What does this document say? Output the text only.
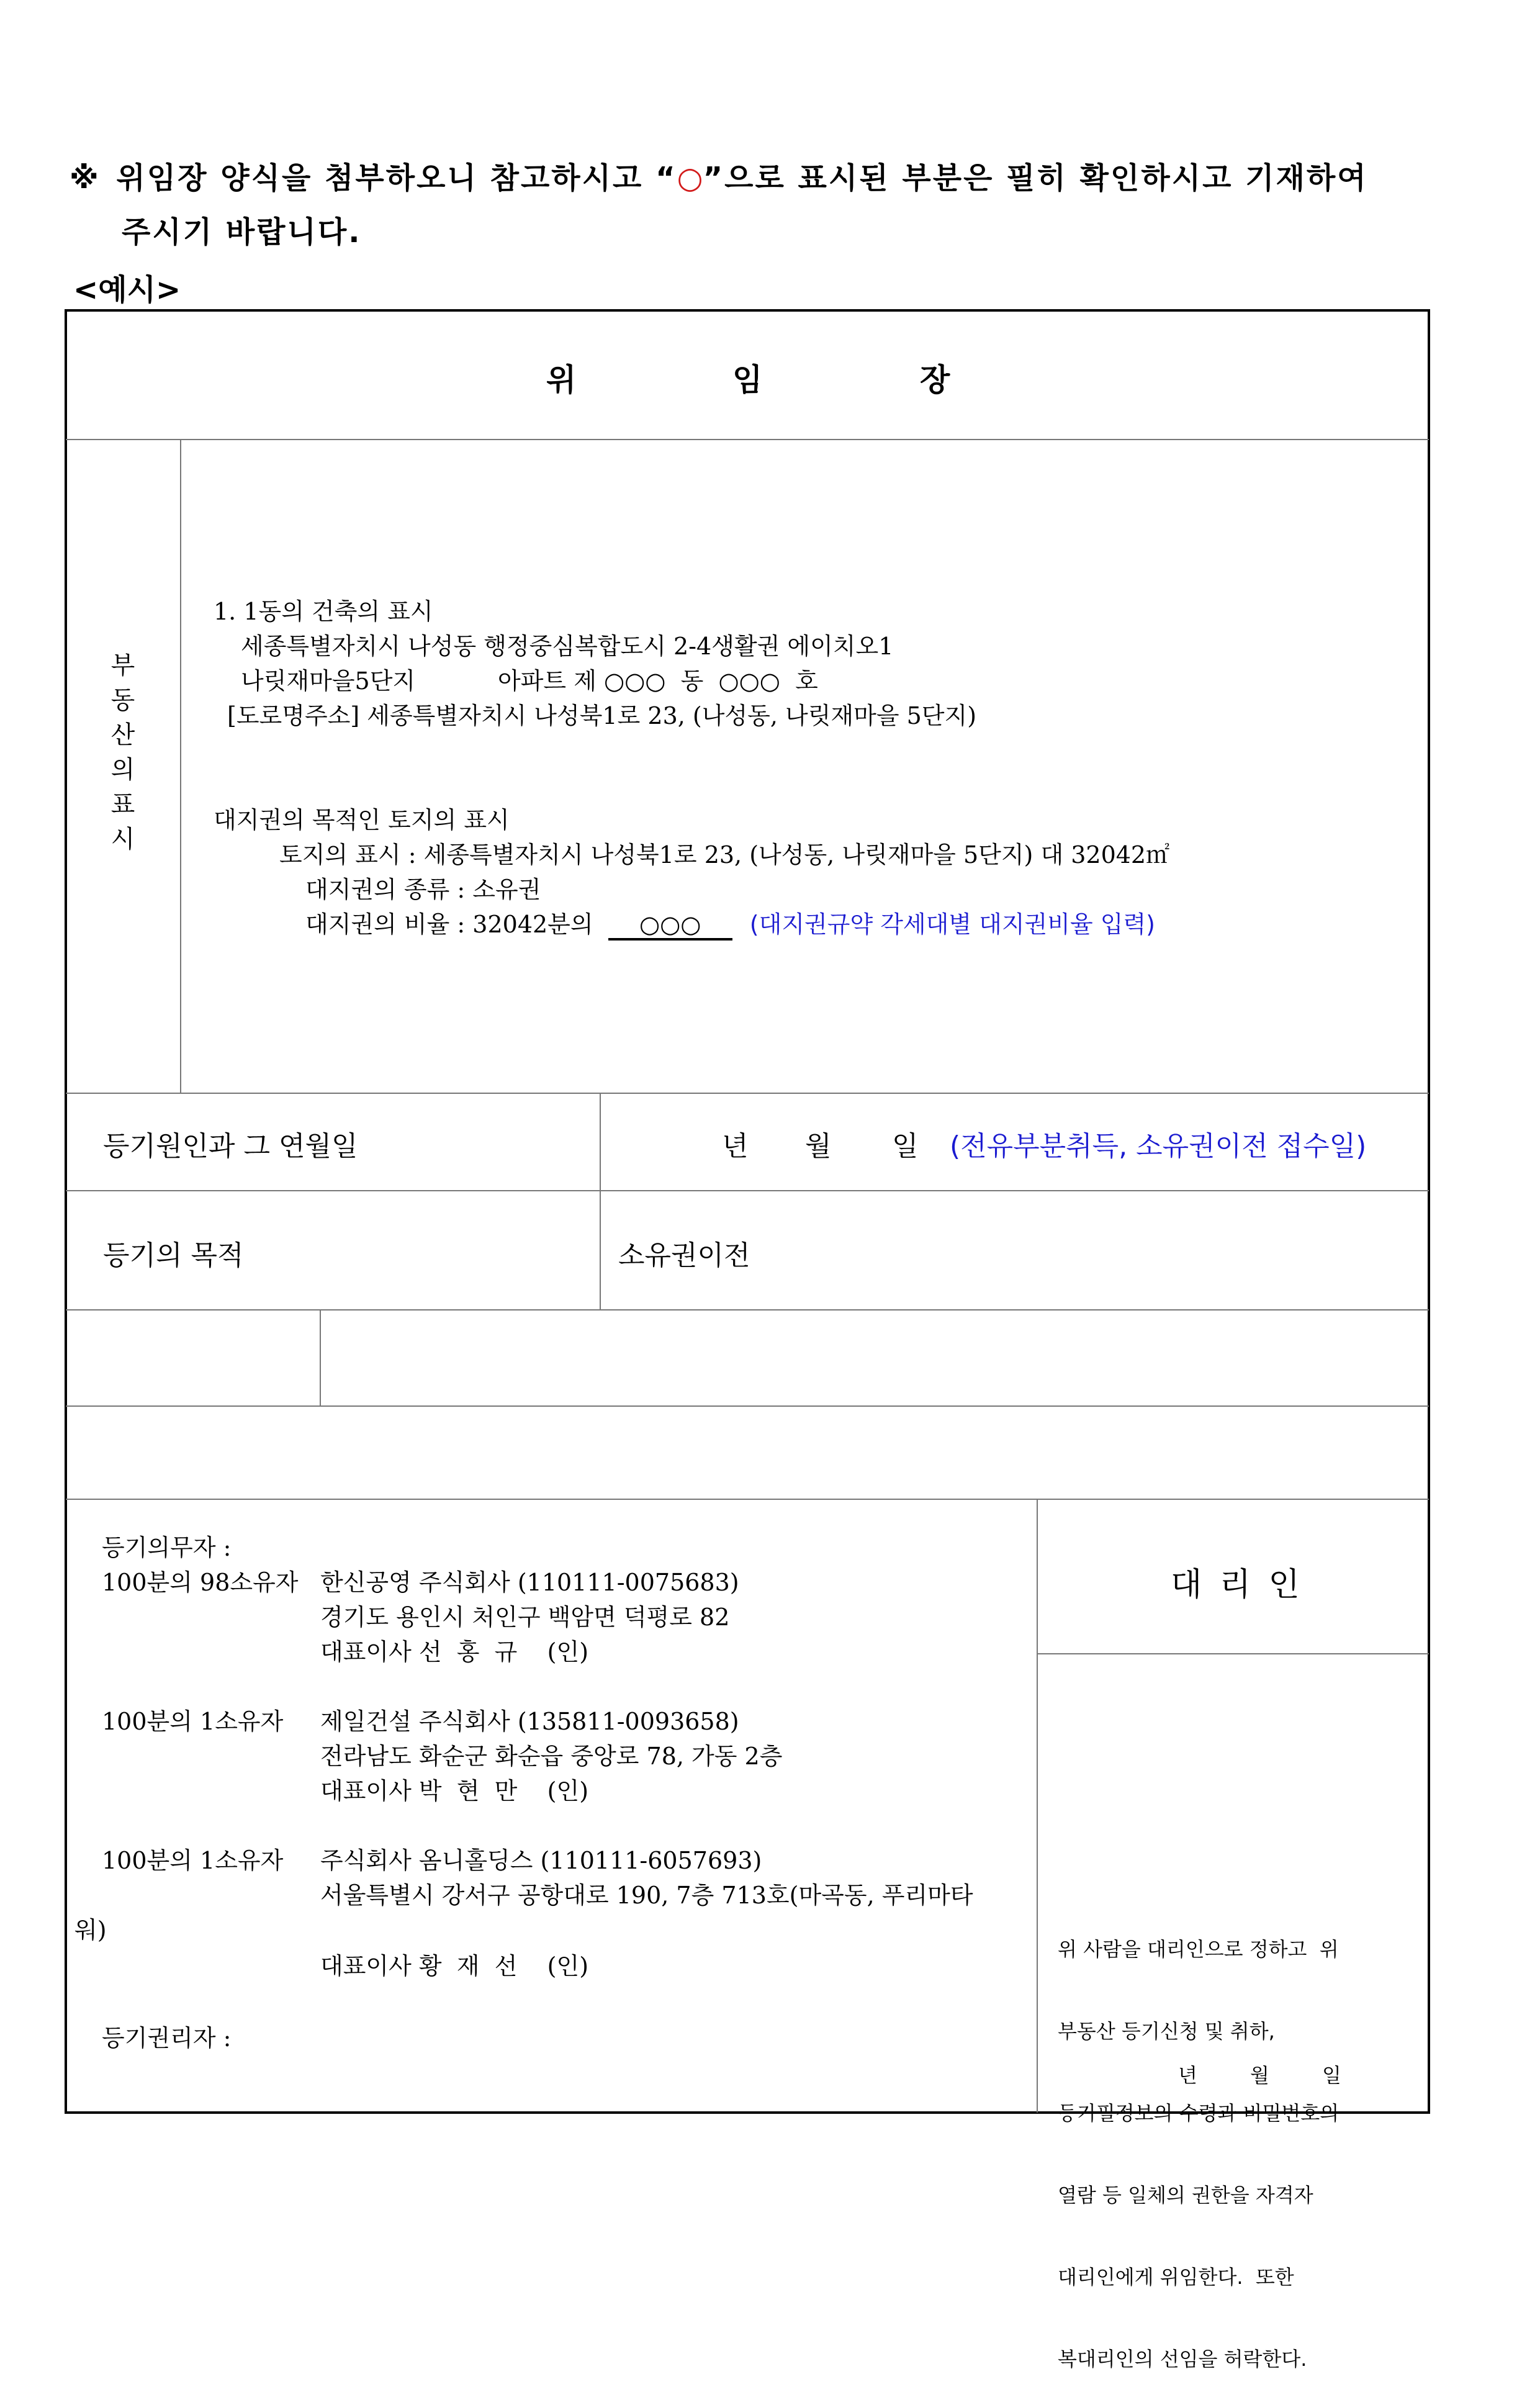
※ 위임장 양식을 첨부하오니 참고하시고 “○”으로 표시된 부분은 필히 확인하시고 기재하여
주시기 바랍니다.
<예시>
위	임	장
부
동
산
의
표
시
1. 1동의 건축의 표시
세종특별자치시 나성동 행정중심복합도시 2-4생활권 에이치오1
나릿재마을5단지	아파트 제 ○○○  동  ○○○  호
[도로명주소] 세종특별자치시 나성북1로 23, (나성동, 나릿재마을 5단지)
대지권의 목적인 토지의 표시
토지의 표시 : 세종특별자치시 나성북1로 23, (나성동, 나릿재마을 5단지) 대 32042㎡
대지권의 종류 : 소유권
대지권의 비율 : 32042분의 ○○○ (대지권규약 각세대별 대지권비율 입력)
등기원인과 그 연월일	년 월 일 (전유부분취득, 소유권이전 접수일)
등기의 목적	소유권이전
등기의무자 :
100분의 98소유자 한신공영 주식회사 (110111-0075683)
경기도 용인시 처인구 백암면 덕평로 82
대표이사 선  홍  규    (인)
100분의 1소유자 제일건설 주식회사 (135811-0093658)
전라남도 화순군 화순읍 중앙로 78, 가동 2층
대표이사 박  현  만    (인)
100분의 1소유자 주식회사 옴니홀딩스 (110111-6057693)
서울특별시 강서구 공항대로 190, 7층 713호(마곡동, 푸리마타
워)
대표이사 황  재  선    (인)
등기권리자 :
대 리 인

위 사람을 대리인으로 정하고  위

부동산 등기신청 및 취하,

등기필정보의 수령과 비밀번호의

열람 등 일체의 권한을 자격자

대리인에게 위임한다.  또한

복대리인의 선임을 허락한다.

년	월	일
